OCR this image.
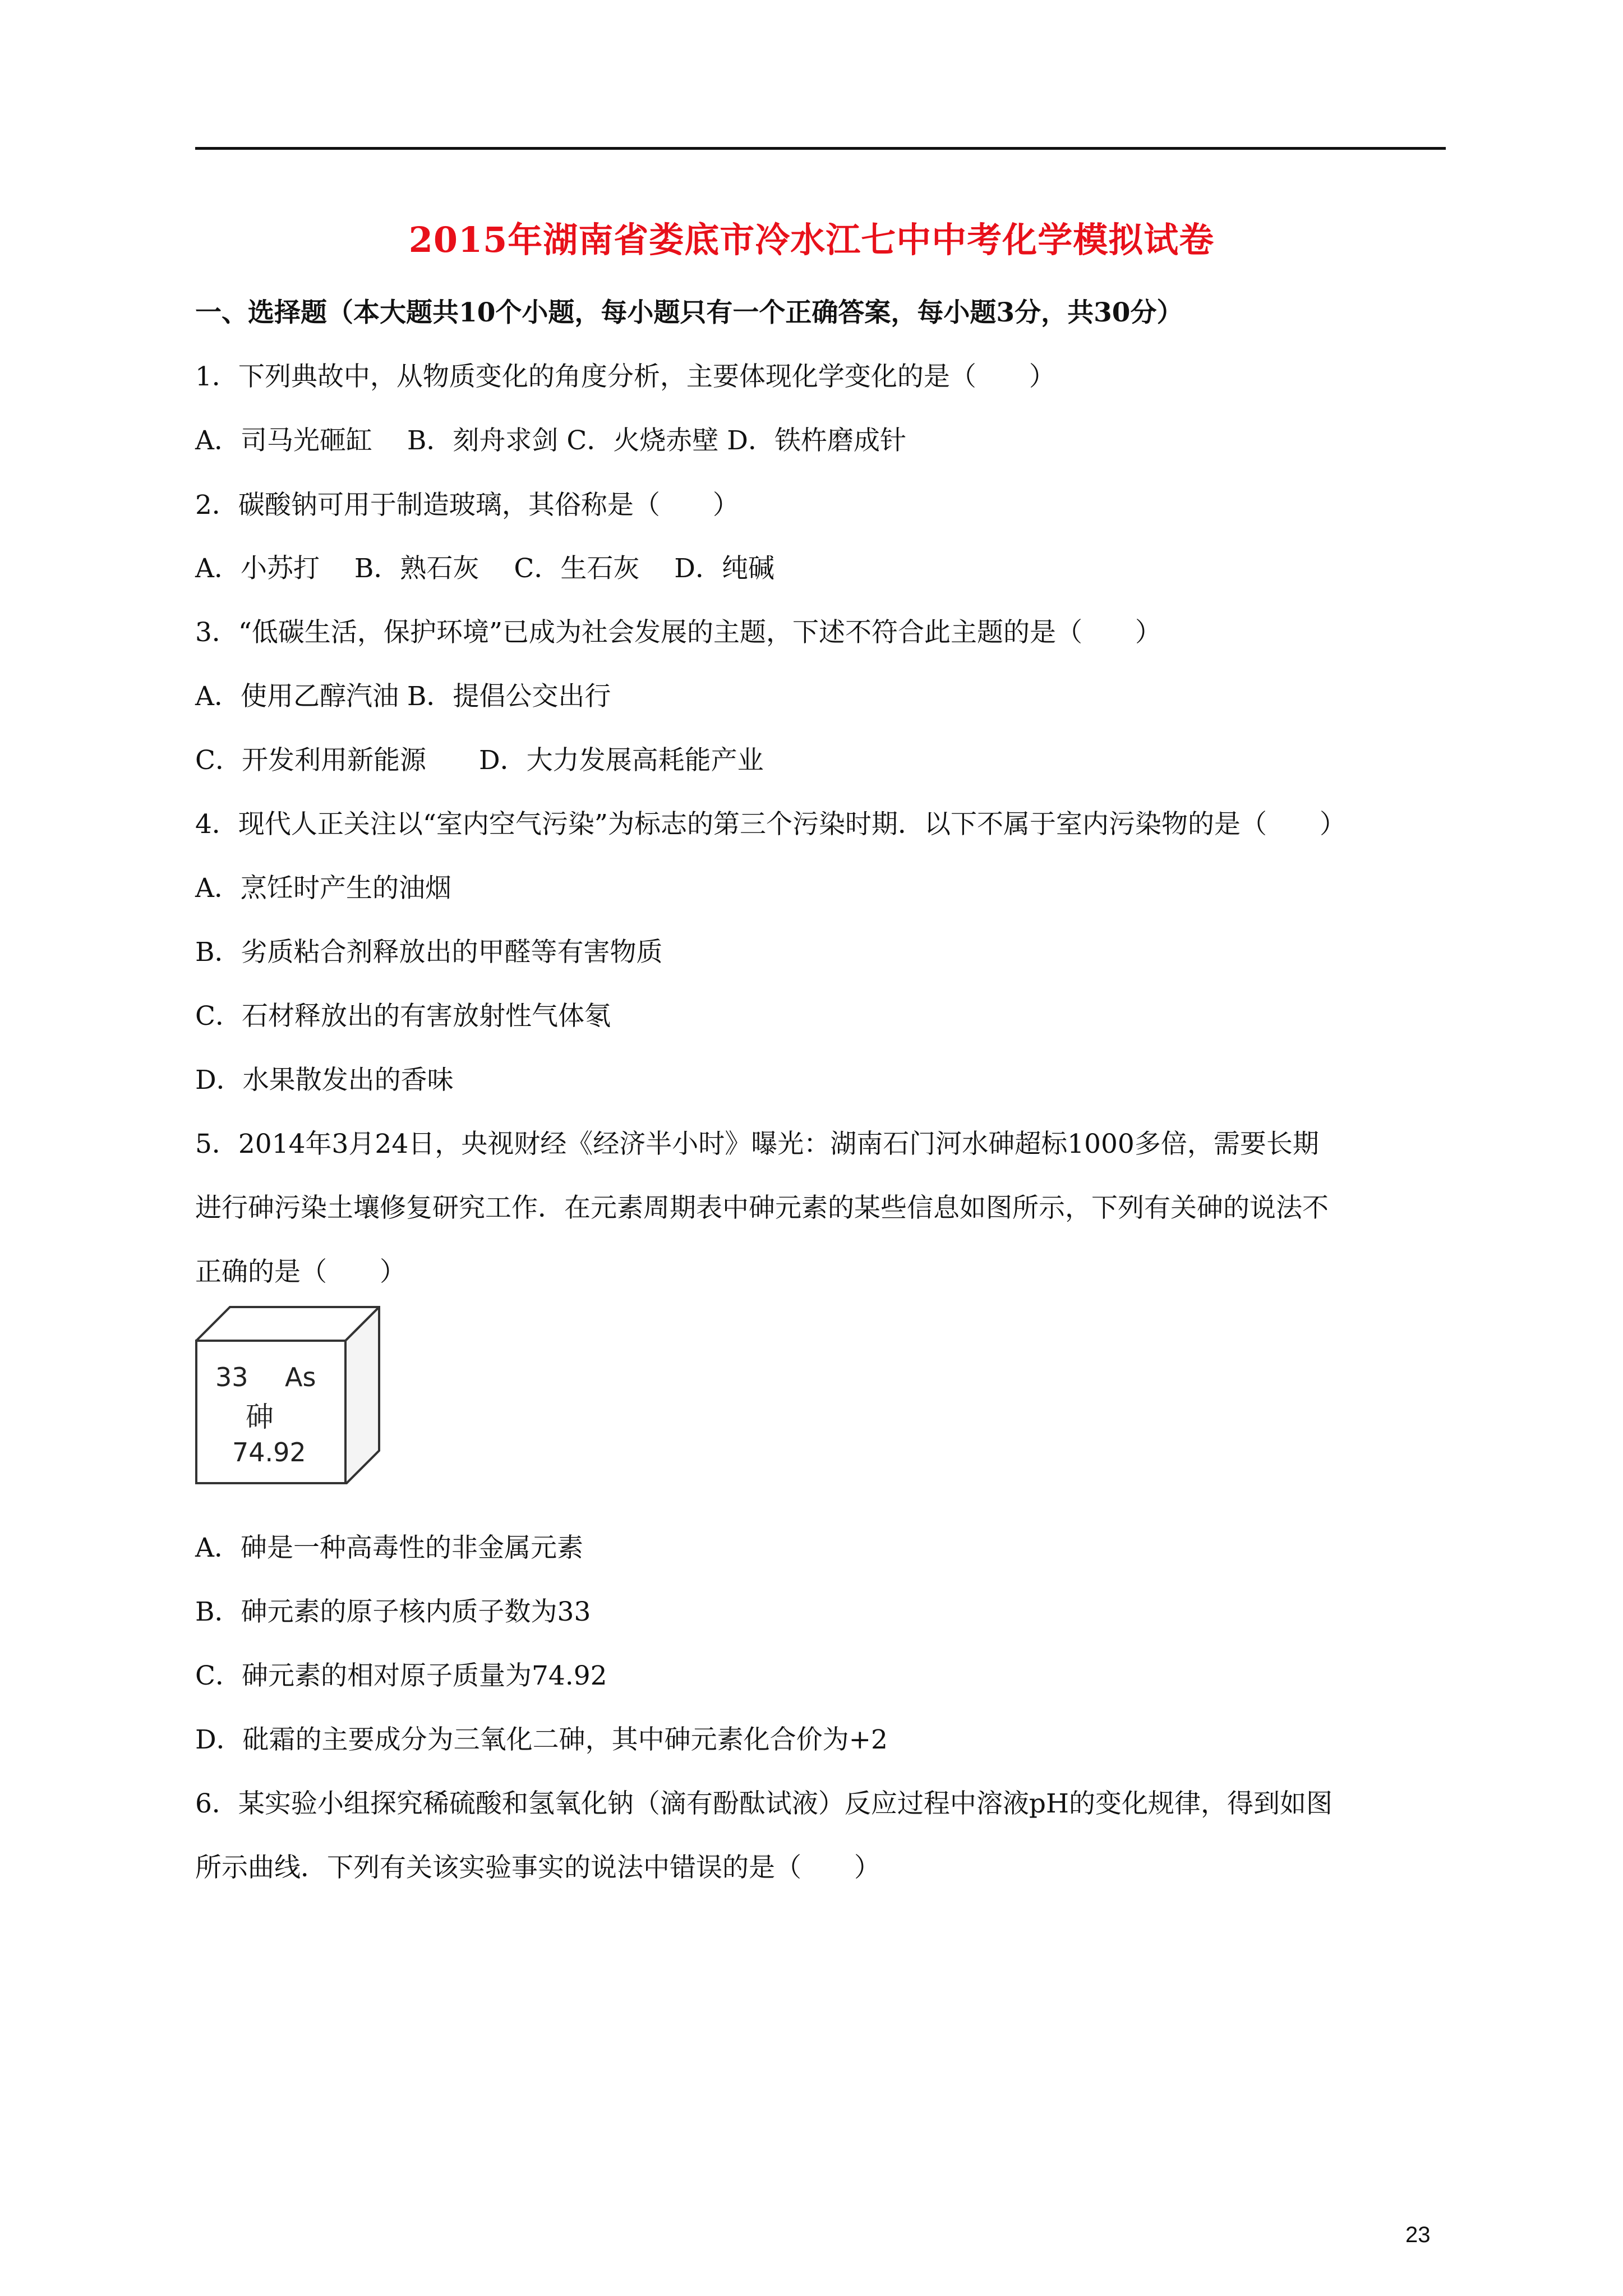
2015年湖南省娄底市冷水江七中中考化学模拟试卷
一、选择题（本大题共10个小题，每小题只有一个正确答案，每小题3分，共30分）
1．下列典故中，从物质变化的角度分析，主要体现化学变化的是（　　）
A．司马光砸缸　 B．刻舟求剑 C．火烧赤壁 D．铁杵磨成针
2．碳酸钠可用于制造玻璃，其俗称是（　　）
A．小苏打　 B．熟石灰　 C．生石灰　 D．纯碱
3．“低碳生活，保护环境”已成为社会发展的主题，下述不符合此主题的是（　　）
A．使用乙醇汽油 B．提倡公交出行
C．开发利用新能源　　D．大力发展高耗能产业
4．现代人正关注以“室内空气污染”为标志的第三个污染时期．以下不属于室内污染物的是（　　）
A．烹饪时产生的油烟
B．劣质粘合剂释放出的甲醛等有害物质
C．石材释放出的有害放射性气体氡
D．水果散发出的香味
5．2014年3月24日，央视财经《经济半小时》曝光：湖南石门河水砷超标1000多倍，需要长期
进行砷污染土壤修复研究工作．在元素周期表中砷元素的某些信息如图所示，下列有关砷的说法不
正确的是（　　）
33 As
砷
74.92
A．砷是一种高毒性的非金属元素
B．砷元素的原子核内质子数为33
C．砷元素的相对原子质量为74.92
D．砒霜的主要成分为三氧化二砷，其中砷元素化合价为+2
6．某实验小组探究稀硫酸和氢氧化钠（滴有酚酞试液）反应过程中溶液pH的变化规律，得到如图
所示曲线．下列有关该实验事实的说法中错误的是（　　）
23
